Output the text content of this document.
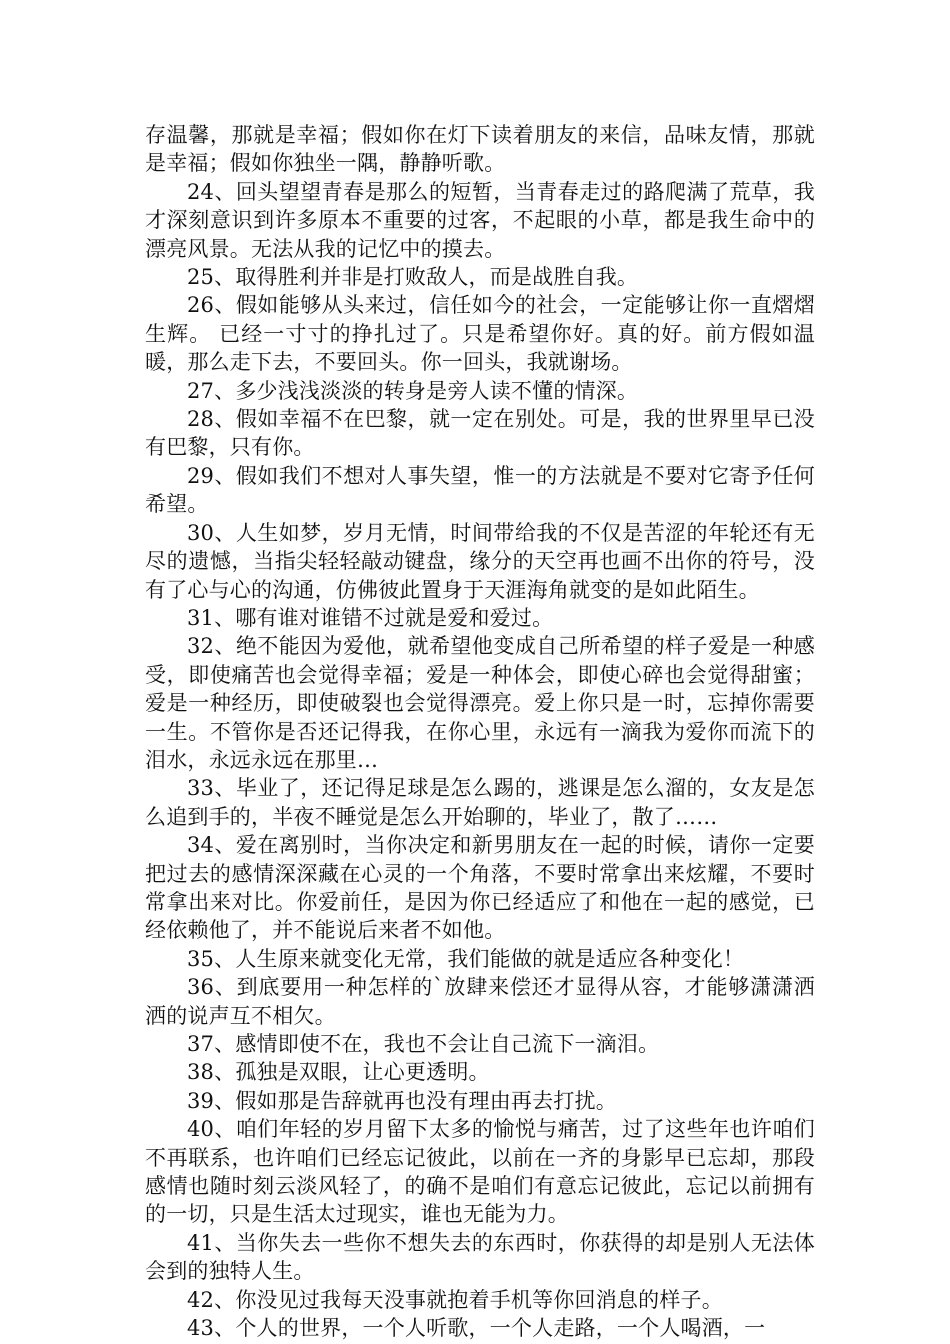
存温馨，那就是幸福；假如你在灯下读着朋友的来信，品味友情，那就是幸福；假如你独坐一隅，静静听歌。

24、回头望望青春是那么的短暂，当青春走过的路爬满了荒草，我才深刻意识到许多原本不重要的过客，不起眼的小草，都是我生命中的漂亮风景。无法从我的记忆中的摸去。

25、取得胜利并非是打败敌人，而是战胜自我。

26、假如能够从头来过，信任如今的社会，一定能够让你一直熠熠生辉。 已经一寸寸的挣扎过了。只是希望你好。真的好。前方假如温暖，那么走下去，不要回头。你一回头，我就谢场。

27、多少浅浅淡淡的转身是旁人读不懂的情深。

28、假如幸福不在巴黎，就一定在别处。可是，我的世界里早已没有巴黎，只有你。

29、假如我们不想对人事失望，惟一的方法就是不要对它寄予任何希望。

30、人生如梦，岁月无情，时间带给我的不仅是苦涩的年轮还有无尽的遗憾，当指尖轻轻敲动键盘，缘分的天空再也画不出你的符号，没有了心与心的沟通，仿佛彼此置身于天涯海角就变的是如此陌生。

31、哪有谁对谁错不过就是爱和爱过。

32、绝不能因为爱他，就希望他变成自己所希望的样子爱是一种感受，即使痛苦也会觉得幸福；爱是一种体会，即使心碎也会觉得甜蜜；爱是一种经历，即使破裂也会觉得漂亮。爱上你只是一时，忘掉你需要一生。不管你是否还记得我，在你心里，永远有一滴我为爱你而流下的泪水，永远永远在那里…

33、毕业了，还记得足球是怎么踢的，逃课是怎么溜的，女友是怎么追到手的，半夜不睡觉是怎么开始聊的，毕业了，散了……

34、爱在离别时，当你决定和新男朋友在一起的时候，请你一定要把过去的感情深深藏在心灵的一个角落，不要时常拿出来炫耀，不要时常拿出来对比。你爱前任，是因为你已经适应了和他在一起的感觉，已经依赖他了，并不能说后来者不如他。

35、人生原来就变化无常，我们能做的就是适应各种变化！

36、到底要用一种怎样的`放肆来偿还才显得从容，才能够潇潇洒洒的说声互不相欠。

37、感情即使不在，我也不会让自己流下一滴泪。

38、孤独是双眼，让心更透明。

39、假如那是告辞就再也没有理由再去打扰。

40、咱们年轻的岁月留下太多的愉悦与痛苦，过了这些年也许咱们不再联系，也许咱们已经忘记彼此，以前在一齐的身影早已忘却，那段感情也随时刻云淡风轻了，的确不是咱们有意忘记彼此，忘记以前拥有的一切，只是生活太过现实，谁也无能为力。

41、当你失去一些你不想失去的东西时，你获得的却是别人无法体会到的独特人生。

42、你没见过我每天没事就抱着手机等你回消息的样子。

43、个人的世界，一个人听歌，一个人走路，一个人喝酒，一
